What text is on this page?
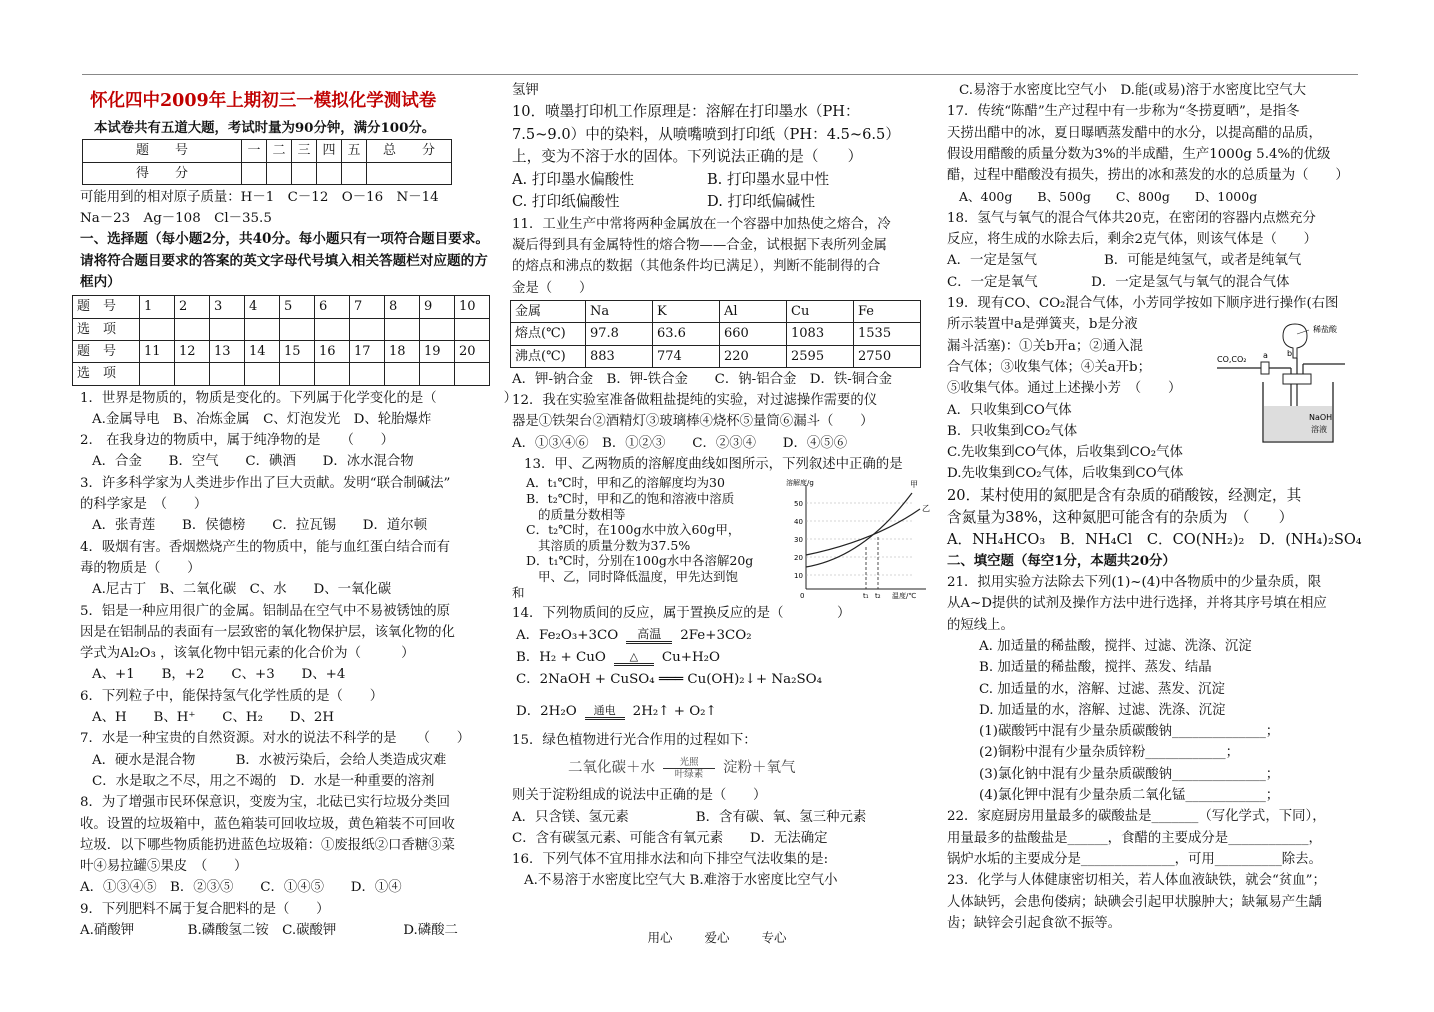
怀化四中2009年上期初三一模拟化学测试卷

本试卷共有五道大题，考试时量为90分钟，满分100分。

题　　号	一	二	三	四	五	总　　分
得　　分						

可能用到的相对原子质量：H－1　C－12　O－16　N－14

Na－23　Ag－108　Cl－35.5

一、选择题（每小题2分，共40分。每小题只有一项符合题目要求。请将符合题目要求的答案的英文字母代号填入相关答题栏对应题的方框内）

题　号	1	2	3	4	5	6	7	8	9	10
选　项										
题　号	11	12	13	14	15	16	17	18	19	20
选　项										

1．世界是物质的，物质是变化的。下列属于化学变化的是（　　　　　）

A.金属导电　B、冶炼金属　C、灯泡发光　D、轮胎爆炸

2.　在我身边的物质中，属于纯净物的是　　（　　）

A．合金　　B．空气　　C．碘酒　　D．冰水混合物

3．许多科学家为人类进步作出了巨大贡献。发明“联合制碱法”

的科学家是　（　　）

A．张青莲　　B．侯德榜　　C．拉瓦锡　　D．道尔顿

4．吸烟有害。香烟燃烧产生的物质中，能与血红蛋白结合而有

毒的物质是（　　）

A.尼古丁　B、二氧化碳　C、水　　D、一氧化碳

5．铝是一种应用很广的金属。铝制品在空气中不易被锈蚀的原

因是在铝制品的表面有一层致密的氧化物保护层，该氧化物的化

学式为Al₂O₃ ，该氧化物中铝元素的化合价为（　　　）

A、+1　　B，+2　　C、+3　　D、+4

6．下列粒子中，能保持氢气化学性质的是（　　）

A、H　　B、H⁺　　C、H₂　　D、2H

7．水是一种宝贵的自然资源。对水的说法不科学的是　　（　　）

A．硬水是混合物　　　B．水被污染后，会给人类造成灾难

C．水是取之不尽，用之不竭的　D．水是一种重要的溶剂

8．为了增强市民环保意识，变废为宝，北砝已实行垃圾分类回

收。设置的垃圾箱中，蓝色箱装可回收垃圾，黄色箱装不可回收

垃圾．以下哪些物质能扔进蓝色垃圾箱：①废报纸②口香糖③菜

叶④易拉罐⑤果皮　（　　）

A．①③④⑤　B．②③⑤　　C．①④⑤　　D．①④

9．下列肥料不属于复合肥料的是（　　）

A.硝酸钾　　　　B.磷酸氢二铵　C.碳酸钾　　　　　D.磷酸二

氢钾

10．喷墨打印机工作原理是：溶解在打印墨水（PH：

7.5~9.0）中的染料，从喷嘴喷到打印纸（PH：4.5~6.5）

上，变为不溶于水的固体。下列说法正确的是（　　）

A. 打印墨水偏酸性　　　　　B. 打印墨水显中性

C. 打印纸偏酸性　　　　　　D. 打印纸偏碱性

11．工业生产中常将两种金属放在一个容器中加热使之熔合，冷

凝后得到具有金属特性的熔合物——合金，试根据下表所列金属

的熔点和沸点的数据（其他条件均已满足），判断不能制得的合

金是（　　）

金属	Na	K	Al	Cu	Fe
熔点(℃)	97.8	63.6	660	1083	1535
沸点(℃)	883	774	220	2595	2750

A．钾-钠合金　B．钾-铁合金　　C．钠-铝合金　D．铁-铜合金

12．我在实验室准备做粗盐提纯的实验，对过滤操作需要的仪

器是①铁架台②酒精灯③玻璃棒④烧杯⑤量筒⑥漏斗（　　）

A．①③④⑥　B．①②③　　C．②③④　　D．④⑤⑥

13．甲、乙两物质的溶解度曲线如图所示，下列叙述中正确的是

A．t₁℃时，甲和乙的溶解度均为30

B．t₂℃时，甲和乙的饱和溶液中溶质

的质量分数相等

C．t₂℃时，在100g水中放入60g甲，

其溶质的质量分数为37.5%

D．t₁℃时，分别在100g水中各溶解20g

甲、乙，同时降低温度，甲先达到饱

和

溶解度/g
50
40
30
20
10
0	t₁ t₂ 温度/℃
甲
乙

14．下列物质间的反应，属于置换反应的是（　　　　）

A．Fe₂O₃+3CO	高温	2Fe+3CO₂
B．H₂ + CuO	△	Cu+H₂O

C．2NaOH + CuSO₄ ═══ Cu(OH)₂↓+ Na₂SO₄

D．2H₂O	通电	2H₂↑ + O₂↑

15．绿色植物进行光合作用的过程如下：

二氧化碳＋水	光照
叶绿素 淀粉＋氧气

则关于淀粉组成的说法中正确的是（　　）

A．只含镁、氢元素　　　　　B．含有碳、氧、氢三种元素

C．含有碳氢元素、可能含有氧元素　　D．无法确定

16．下列气体不宜用排水法和向下排空气法收集的是:

A.不易溶于水密度比空气大 B.难溶于水密度比空气小

C.易溶于水密度比空气小　D.能(或易)溶于水密度比空气大

17．传统“陈醋”生产过程中有一步称为“冬捞夏晒”，是指冬

天捞出醋中的冰，夏日曝晒蒸发醋中的水分，以提高醋的品质，

假设用醋酸的质量分数为3%的半成醋，生产1000g 5.4%的优级

醋，过程中醋酸没有损失，捞出的冰和蒸发的水的总质量为（　　）

A、400g　　B、500g　　C、800g　　D、1000g

18．氢气与氧气的混合气体共20克，在密闭的容器内点燃充分

反应，将生成的水除去后，剩余2克气体，则该气体是（　　）

A．一定是氢气　　　　　B．可能是纯氢气，或者是纯氧气

C．一定是氧气　　　　D．一定是氢气与氧气的混合气体

19．现有CO、CO₂混合气体，小芳同学按如下顺序进行操作(右图

所示装置中a是弹簧夹，b是分液

漏斗活塞)：①关b开a；②通入混

合气体；③收集气体；④关a开b；

⑤收集气体。通过上述操小芳　（　　）

CO,CO₂ a
稀盐酸
b
NaOH
溶液

A．只收集到CO气体

B．只收集到CO₂气体

C.先收集到CO气体，后收集到CO₂气体

D.先收集到CO₂气体，后收集到CO气体

20．某村使用的氮肥是含有杂质的硝酸铵，经测定，其

含氮量为38%，这种氮肥可能含有的杂质为　（　　）

A．NH₄HCO₃　B．NH₄Cl　C．CO(NH₂)₂　D．(NH₄)₂SO₄

二、填空题（每空1分，本题共20分）

21．拟用实验方法除去下列(1)~(4)中各物质中的少量杂质，限

从A~D提供的试剂及操作方法中进行选择，并将其序号填在相应

的短线上。

A. 加适量的稀盐酸，搅拌、过滤、洗涤、沉淀

B. 加适量的稀盐酸，搅拌、蒸发、结晶

C. 加适量的水，溶解、过滤、蒸发、沉淀

D. 加适量的水，溶解、过滤、洗涤、沉淀

(1)碳酸钙中混有少量杂质碳酸钠______________；

(2)铜粉中混有少量杂质锌粉____________；

(3)氯化钠中混有少量杂质碳酸钠______________；

(4)氯化钾中混有少量杂质二氧化锰____________；

22．家庭厨房用量最多的碳酸盐是_______（写化学式，下同），

用量最多的盐酸盐是______，食醋的主要成分是____________，

锅炉水垢的主要成分是______________，可用__________除去。

23．化学与人体健康密切相关，若人体血液缺铁，就会“贫血”；

人体缺钙，会患佝偻病；缺碘会引起甲状腺肿大；缺氟易产生龋

齿；缺锌会引起食欲不振等。

用心	爱心	专心
